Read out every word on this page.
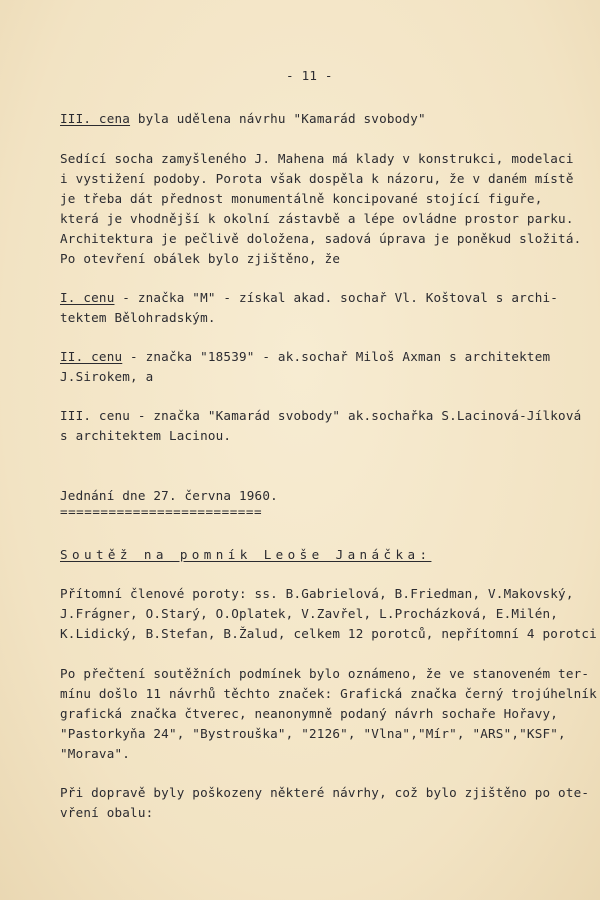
- 11 -
III. cena byla udělena návrhu "Kamarád svobody"
Sedící socha zamyšleného J. Mahena má klady v konstrukci, modelaci
i vystižení podoby. Porota však dospěla k názoru, že v daném místě
je třeba dát přednost monumentálně koncipované stojící figuře,
která je vhodnější k okolní zástavbě a lépe ovládne prostor parku.
Architektura je pečlivě doložena, sadová úprava je poněkud složitá.
Po otevření obálek bylo zjištěno, že
I. cenu - značka "M" - získal akad. sochař Vl. Koštoval s archi-
tektem Bělohradským.
II. cenu - značka "18539" - ak.sochař Miloš Axman s architektem
J.Sirokem, a
III. cenu - značka "Kamarád svobody" ak.sochařka S.Lacinová-Jílková
s architektem Lacinou.
Jednání dne 27. června 1960.
=========================
Soutěž na pomník Leoše Janáčka:
Přítomní členové poroty: ss. B.Gabrielová, B.Friedman, V.Makovský,
J.Frágner, O.Starý, O.Oplatek, V.Zavřel, L.Procházková, E.Milén,
K.Lidický, B.Stefan, B.Žalud, celkem 12 porotců, nepřítomní 4 porotci
Po přečtení soutěžních podmínek bylo oznámeno, že ve stanoveném ter-
mínu došlo 11 návrhů těchto značek: Grafická značka černý trojúhelník
grafická značka čtverec, neanonymně podaný návrh sochaře Hořavy,
"Pastorkyňa 24", "Bystrouška", "2126", "Vlna","Mír", "ARS","KSF",
"Morava".
Při dopravě byly poškozeny některé návrhy, což bylo zjištěno po ote-
vření obalu:
